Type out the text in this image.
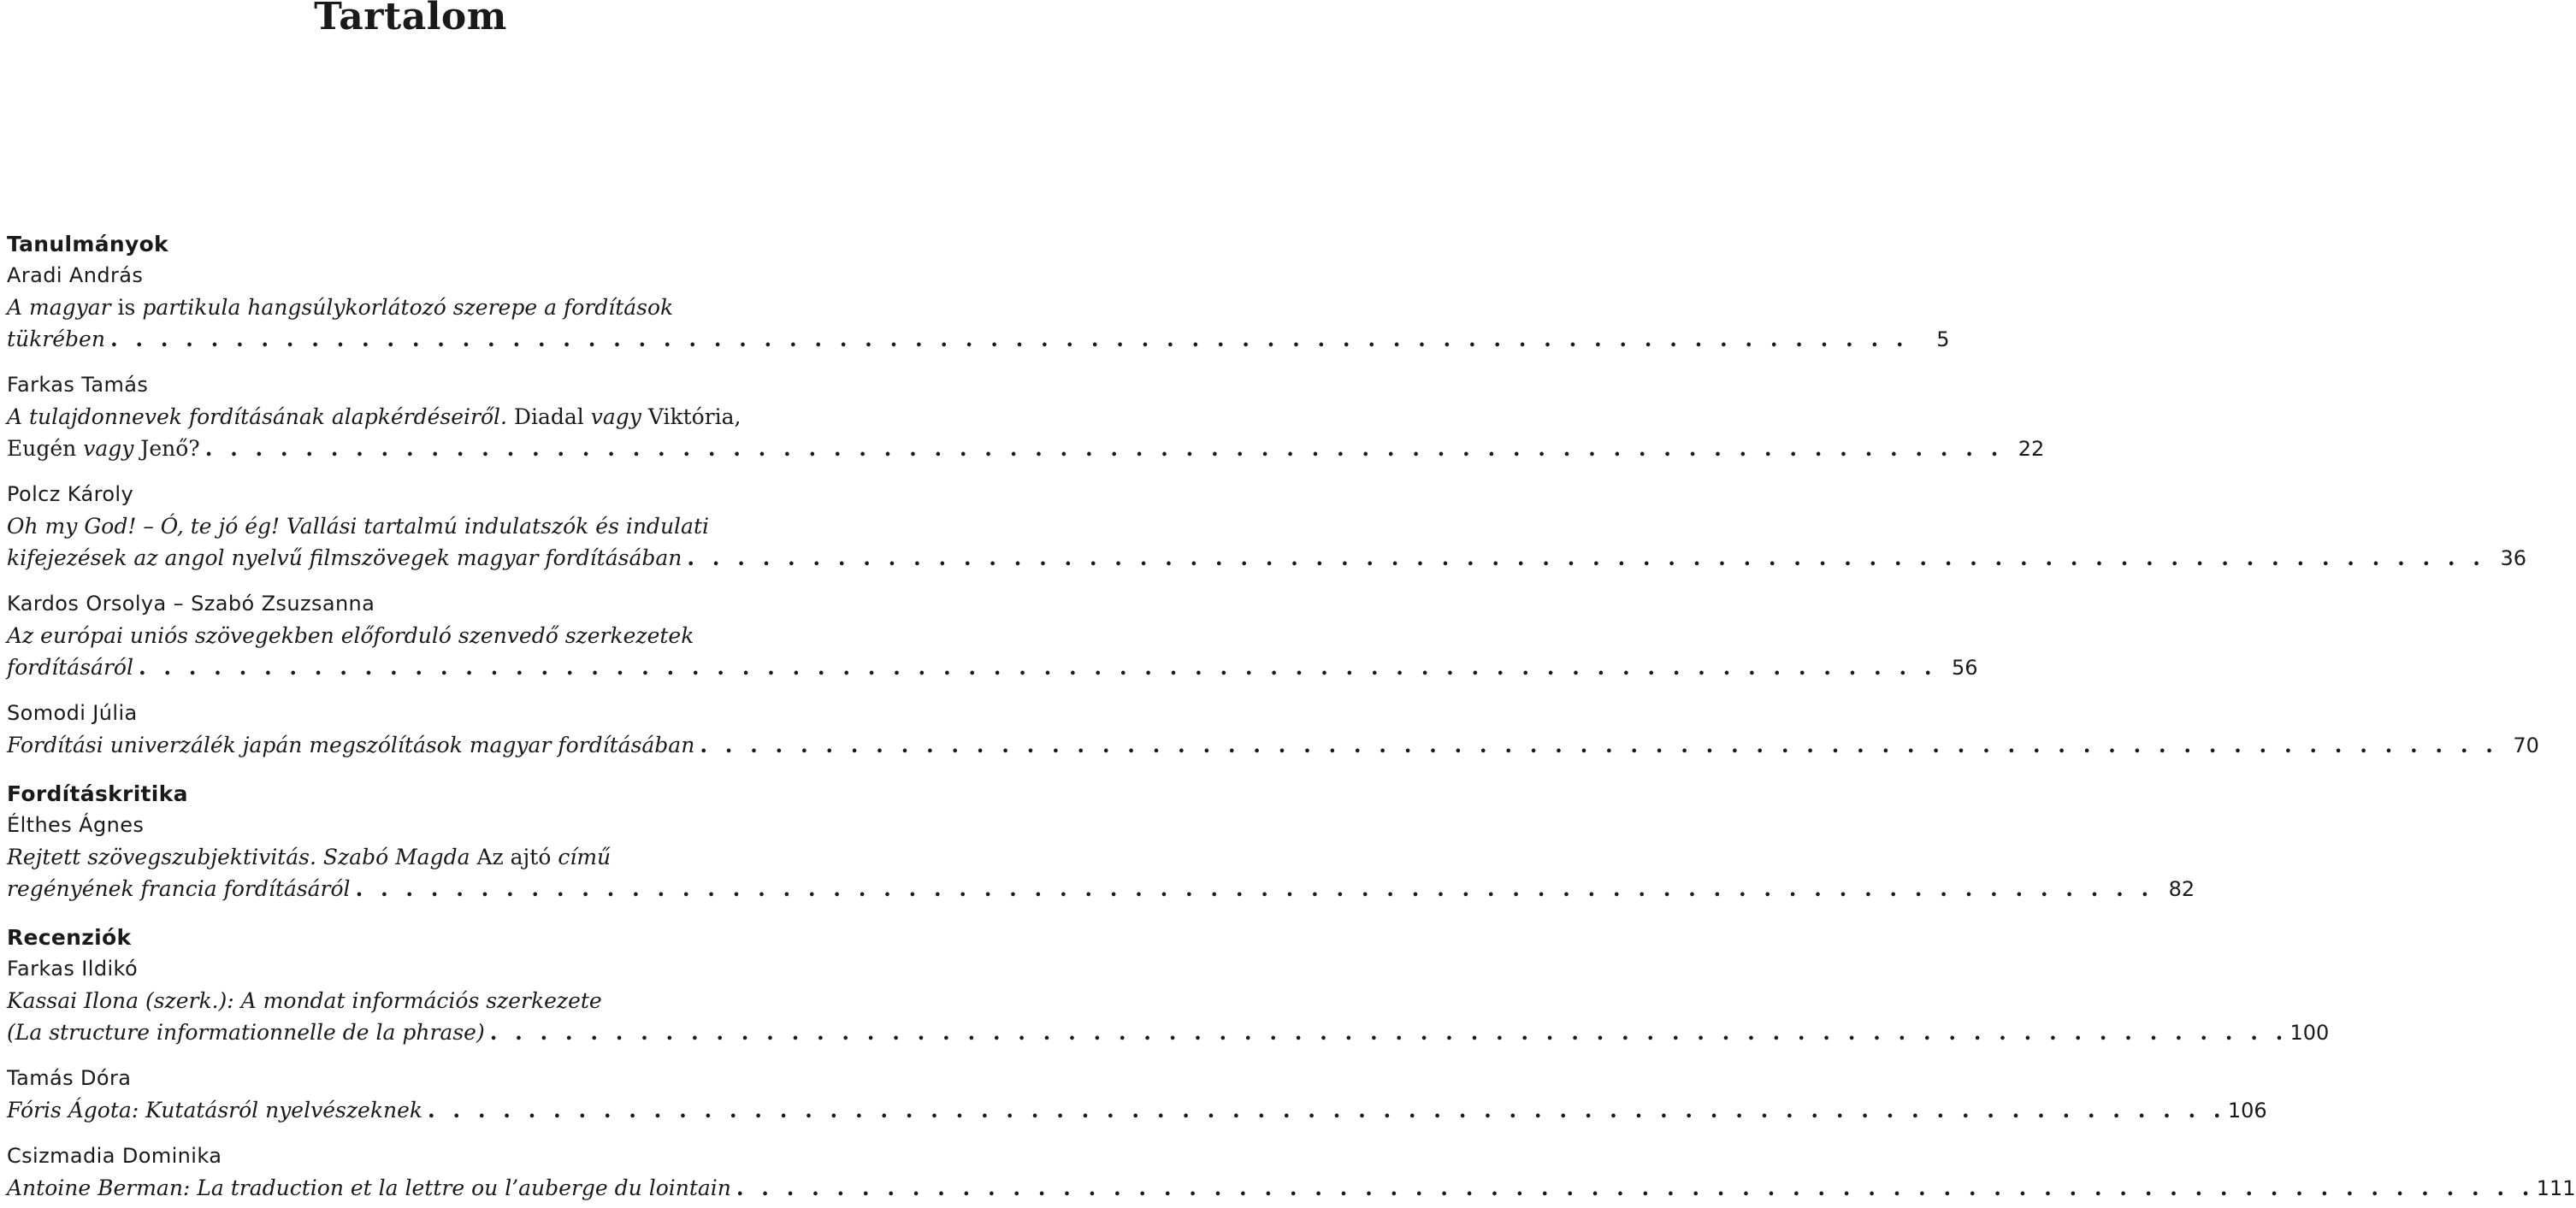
Tartalom
Tanulmányok
Aradi András
A magyar is partikula hangsúlykorlátozó szerepe a fordítások
tükrében . . . . . . . . . . . . . . . . . . . . . . . . . . . . . . . . . . . . . . . . . . . . . . . . . . . . . . . . . . . . . . . . . . . . . . . .	5
Farkas Tamás
A tulajdonnevek fordításának alapkérdéseiről. Diadal vagy Viktória,
Eugén vagy Jenő? . . . . . . . . . . . . . . . . . . . . . . . . . . . . . . . . . . . . . . . . . . . . . . . . . . . . . . . . . . . . . . . . . . . . . . . . 22
Polcz Károly
Oh my God! – Ó, te jó ég! Vallási tartalmú indulatszók és indulati
kifejezések az angol nyelvű filmszövegek magyar fordításában . . . . . . . . . . . . . . . . . . . . . . . . . . . . . . . . . . . . . . . . . . . . . . . . . . . . . . . . . . . . . . . . . . . . . . . . 36
Kardos Orsolya – Szabó Zsuzsanna
Az európai uniós szövegekben előforduló szenvedő szerkezetek
fordításáról . . . . . . . . . . . . . . . . . . . . . . . . . . . . . . . . . . . . . . . . . . . . . . . . . . . . . . . . . . . . . . . . . . . . . . . . 56
Somodi Júlia
Fordítási univerzálék japán megszólítások magyar fordításában . . . . . . . . . . . . . . . . . . . . . . . . . . . . . . . . . . . . . . . . . . . . . . . . . . . . . . . . . . . . . . . . . . . . . . . . 70
Fordításkritika
Élthes Ágnes
Rejtett szövegszubjektivitás. Szabó Magda Az ajtó című
regényének francia fordításáról . . . . . . . . . . . . . . . . . . . . . . . . . . . . . . . . . . . . . . . . . . . . . . . . . . . . . . . . . . . . . . . . . . . . . . . . 82
Recenziók
Farkas Ildikó
Kassai Ilona (szerk.): A mondat információs szerkezete
(La structure informationnelle de la phrase) . . . . . . . . . . . . . . . . . . . . . . . . . . . . . . . . . . . . . . . . . . . . . . . . . . . . . . . . . . . . . . . . . . . . . . . . 100
Tamás Dóra
Fóris Ágota: Kutatásról nyelvészeknek . . . . . . . . . . . . . . . . . . . . . . . . . . . . . . . . . . . . . . . . . . . . . . . . . . . . . . . . . . . . . . . . . . . . . . . . 106
Csizmadia Dominika
Antoine Berman: La traduction et la lettre ou l’auberge du lointain . . . . . . . . . . . . . . . . . . . . . . . . . . . . . . . . . . . . . . . . . . . . . . . . . . . . . . . . . . . . . . . . . . . . . . . . 111
